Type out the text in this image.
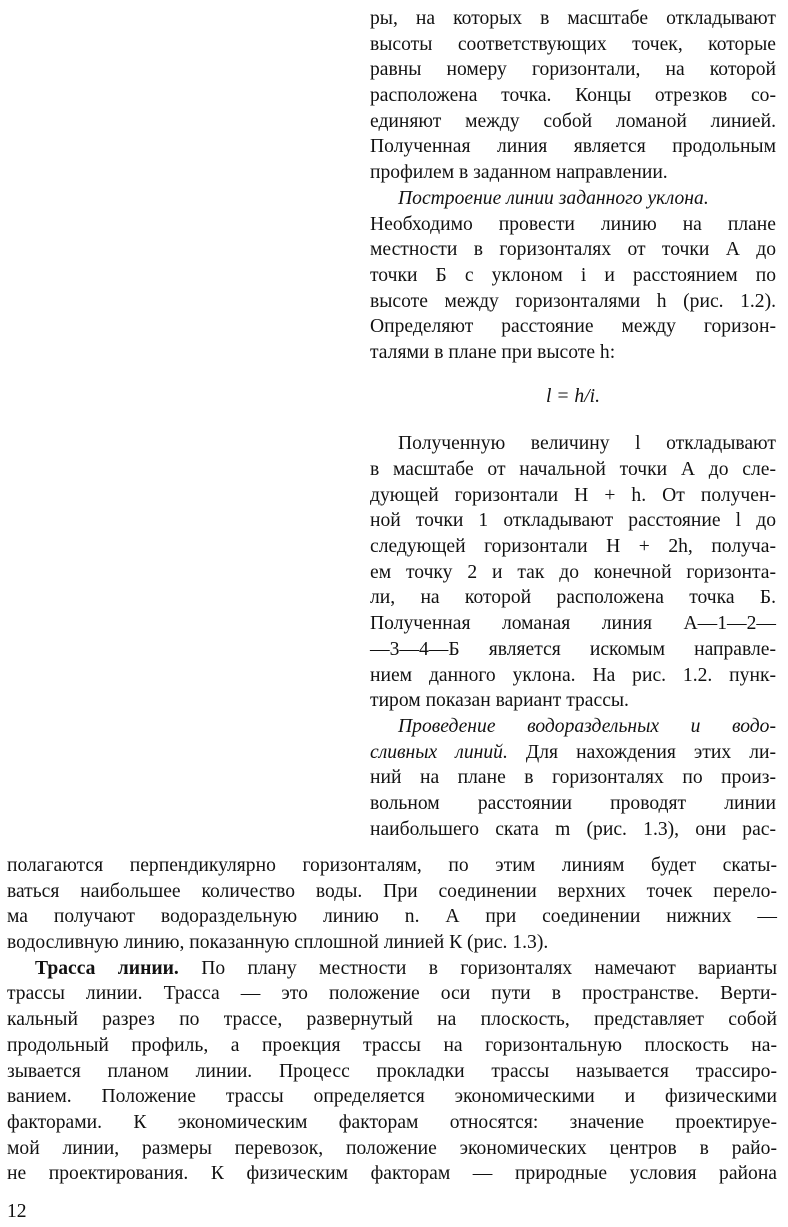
ры, на которых в масштабе откладывают
высоты соответствующих точек, которые
равны номеру горизонтали, на которой
расположена точка. Концы отрезков со-
единяют между собой ломаной линией.
Полученная линия является продольным
профилем в заданном направлении.
Построение линии заданного уклона.
Необходимо провести линию на плане
местности в горизонталях от точки А до
точки Б с уклоном i и расстоянием по
высоте между горизонталями h (рис. 1.2).
Определяют расстояние между горизон-
талями в плане при высоте h:
l = h/i.
Полученную величину l откладывают
в масштабе от начальной точки А до сле-
дующей горизонтали H + h. От получен-
ной точки 1 откладывают расстояние l до
следующей горизонтали H + 2h, получа-
ем точку 2 и так до конечной горизонта-
ли, на которой расположена точка Б.
Полученная ломаная линия А—1—2—
—3—4—Б является искомым направле-
нием данного уклона. На рис. 1.2. пунк-
тиром показан вариант трассы.
Проведение водораздельных и водо-
сливных линий. Для нахождения этих ли-
ний на плане в горизонталях по произ-
вольном расстоянии проводят линии
наибольшего ската m (рис. 1.3), они рас-
полагаются перпендикулярно горизонталям, по этим линиям будет скаты-
ваться наибольшее количество воды. При соединении верхних точек перело-
ма получают водораздельную линию n. А при соединении нижних —
водосливную линию, показанную сплошной линией К (рис. 1.3).
Трасса линии. По плану местности в горизонталях намечают варианты
трассы линии. Трасса — это положение оси пути в пространстве. Верти-
кальный разрез по трассе, развернутый на плоскость, представляет собой
продольный профиль, а проекция трассы на горизонтальную плоскость на-
зывается планом линии. Процесс прокладки трассы называется трассиро-
ванием. Положение трассы определяется экономическими и физическими
факторами. К экономическим факторам относятся: значение проектируе-
мой линии, размеры перевозок, положение экономических центров в райо-
не проектирования. К физическим факторам — природные условия района
12
